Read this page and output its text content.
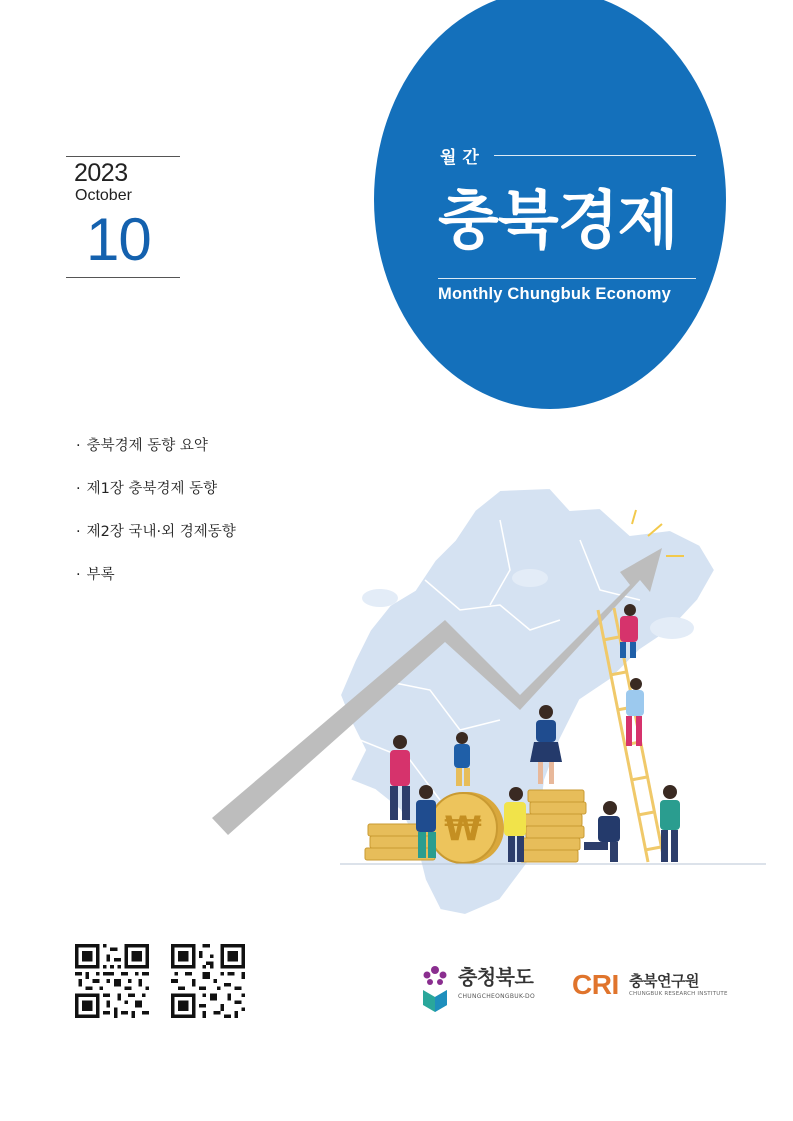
2023
October
10
월 간
충북경제
Monthly Chungbuk Economy
· 충북경제 동향 요약
· 제1장 충북경제 동향
· 제2장 국내·외 경제동향
· 부록
₩
충청북도
CHUNGCHEONGBUK-DO CRI 충북연구원
CHUNGBUK RESEARCH INSTITUTE
